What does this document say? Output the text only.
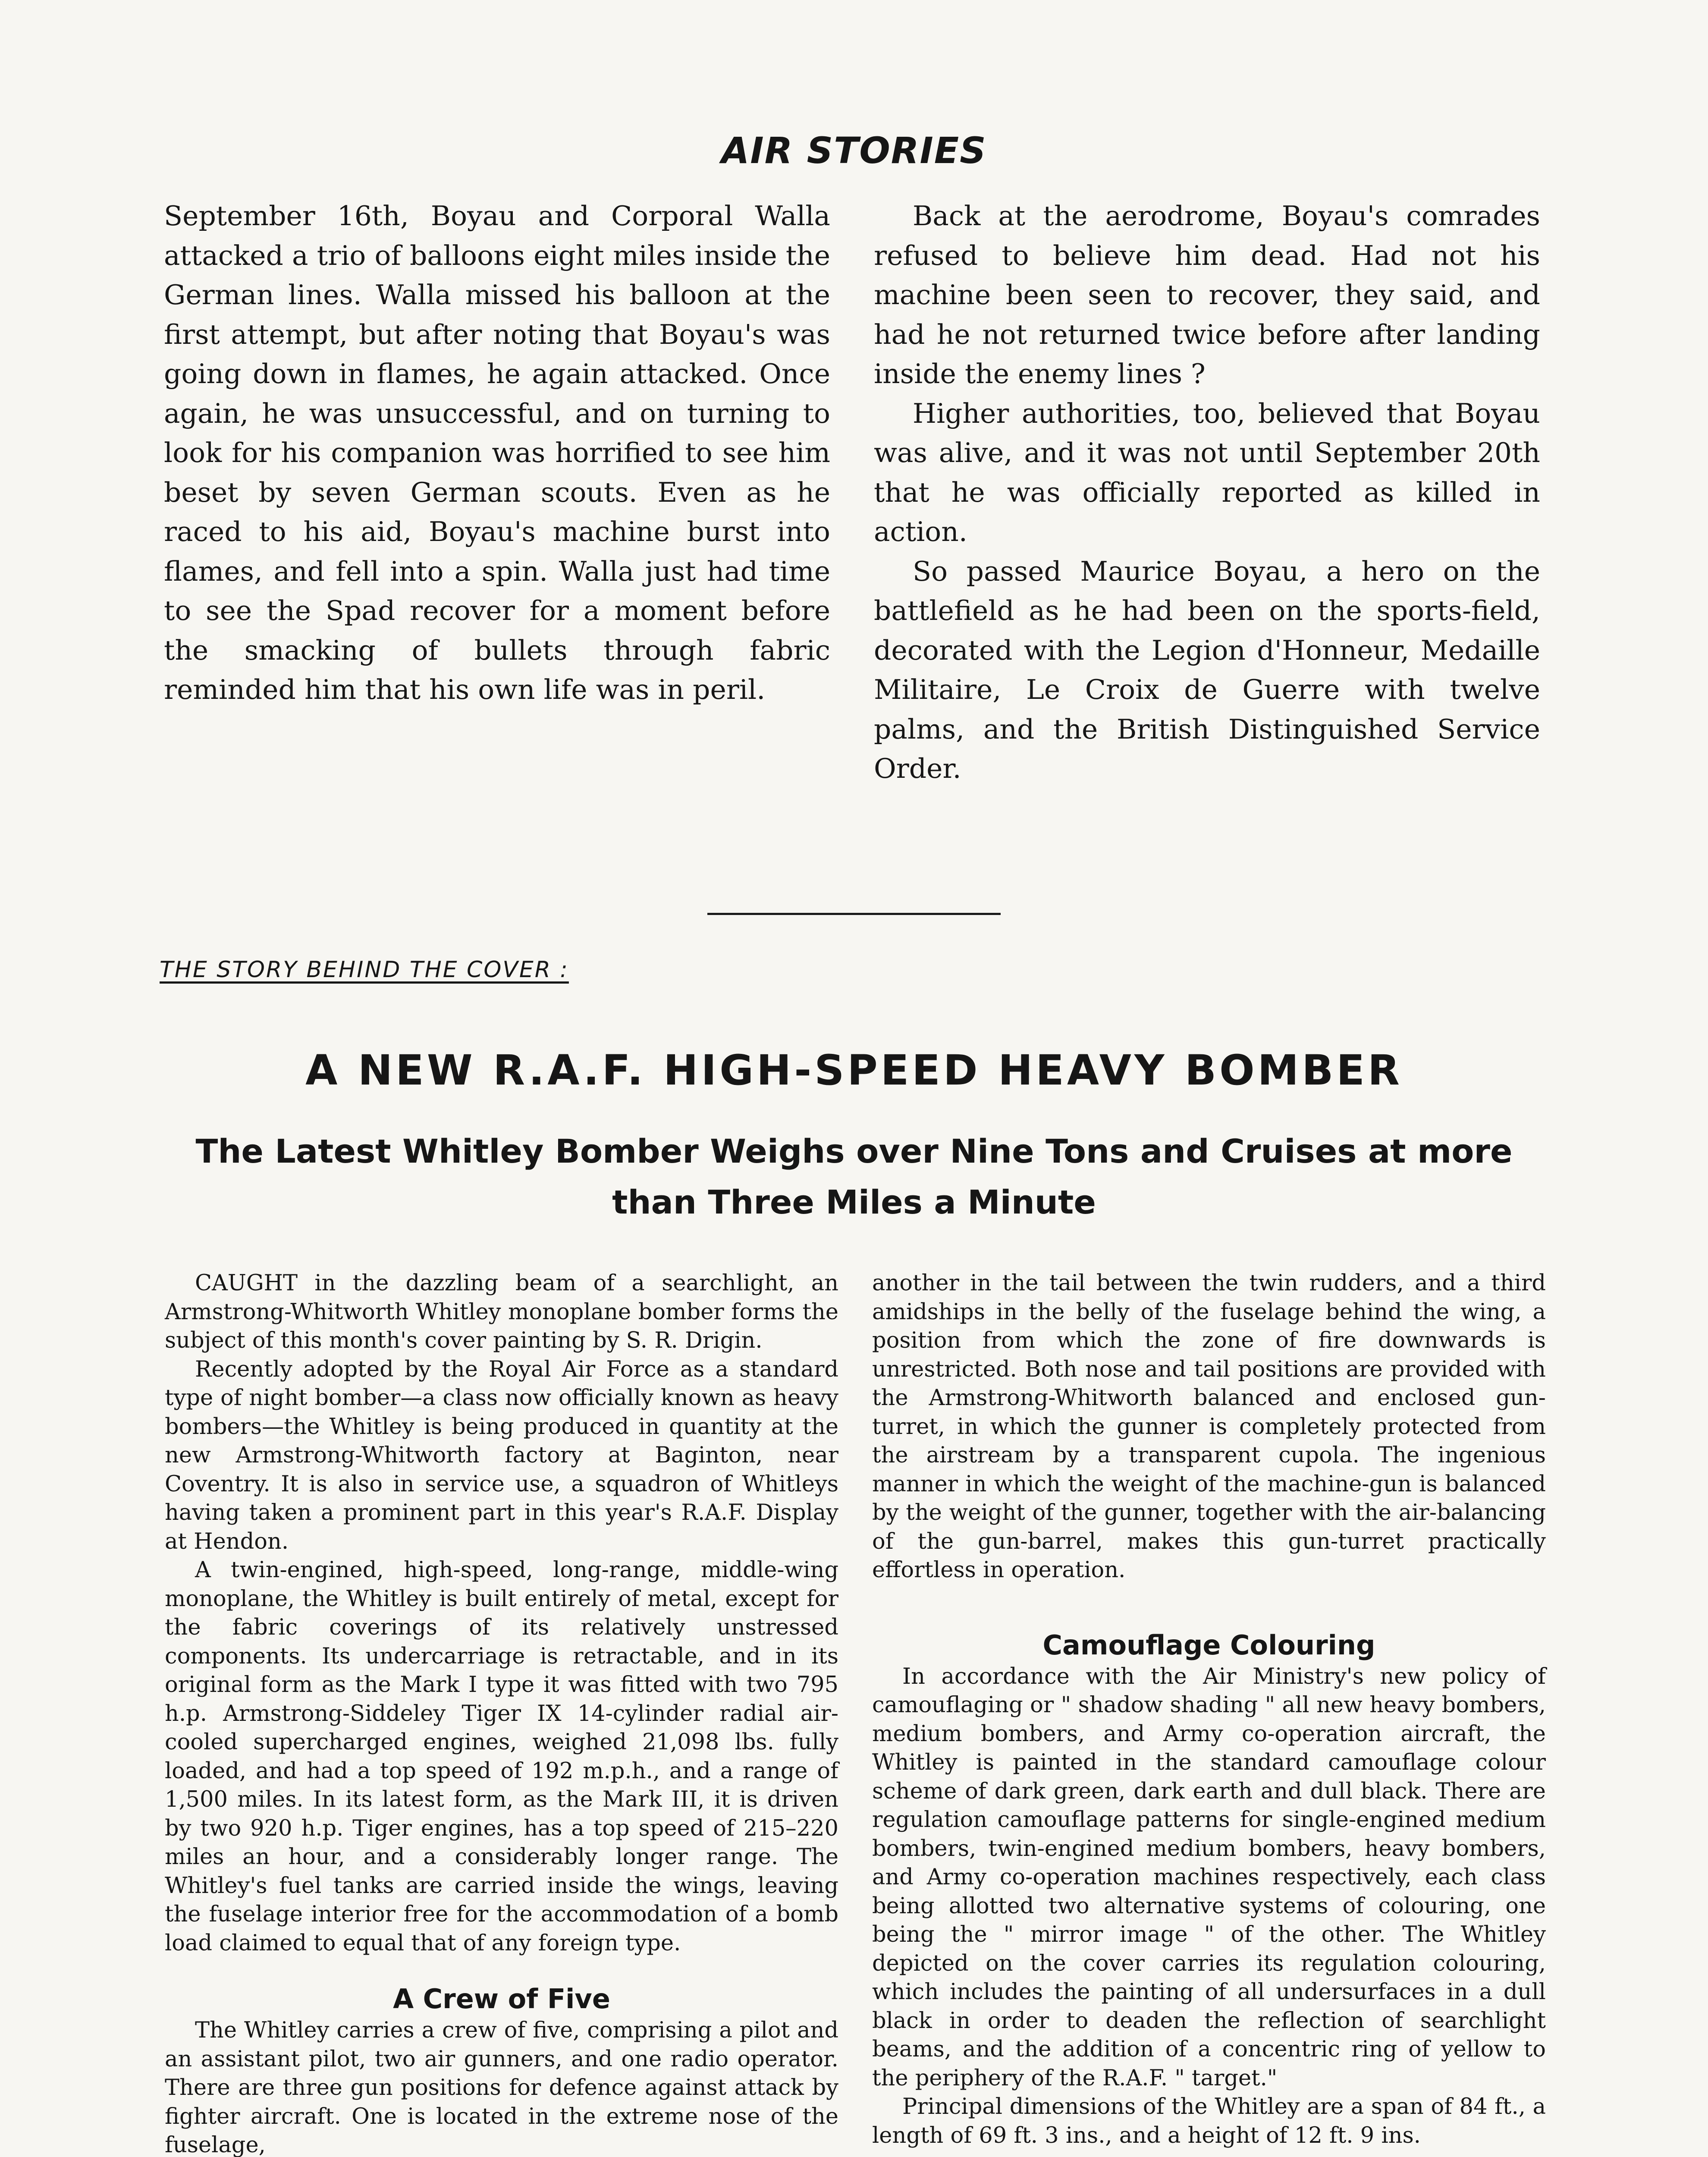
AIR STORIES

September 16th, Boyau and Corporal Walla attacked a trio of balloons eight miles inside the German lines. Walla missed his balloon at the first attempt, but after noting that Boyau's was going down in flames, he again attacked. Once again, he was unsuccessful, and on turning to look for his companion was horrified to see him beset by seven German scouts. Even as he raced to his aid, Boyau's machine burst into flames, and fell into a spin. Walla just had time to see the Spad recover for a moment before the smacking of bullets through fabric reminded him that his own life was in peril.

Back at the aerodrome, Boyau's comrades refused to believe him dead. Had not his machine been seen to recover, they said, and had he not returned twice before after landing inside the enemy lines ?

Higher authorities, too, believed that Boyau was alive, and it was not until September 20th that he was officially reported as killed in action.

So passed Maurice Boyau, a hero on the battlefield as he had been on the sports-field, decorated with the Legion d'Honneur, Medaille Militaire, Le Croix de Guerre with twelve palms, and the British Distinguished Service Order.

THE STORY BEHIND THE COVER :
A NEW R.A.F. HIGH-SPEED HEAVY BOMBER
The Latest Whitley Bomber Weighs over Nine Tons and Cruises at more than Three Miles a Minute

CAUGHT in the dazzling beam of a searchlight, an Armstrong-Whitworth Whitley monoplane bomber forms the subject of this month's cover painting by S. R. Drigin.

Recently adopted by the Royal Air Force as a standard type of night bomber—a class now officially known as heavy bombers—the Whitley is being produced in quantity at the new Armstrong-Whitworth factory at Baginton, near Coventry. It is also in service use, a squadron of Whitleys having taken a prominent part in this year's R.A.F. Display at Hendon.

A twin-engined, high-speed, long-range, middle-wing monoplane, the Whitley is built entirely of metal, except for the fabric coverings of its relatively unstressed components. Its undercarriage is retractable, and in its original form as the Mark I type it was fitted with two 795 h.p. Armstrong-Siddeley Tiger IX 14-cylinder radial air-cooled supercharged engines, weighed 21,098 lbs. fully loaded, and had a top speed of 192 m.p.h., and a range of 1,500 miles. In its latest form, as the Mark III, it is driven by two 920 h.p. Tiger engines, has a top speed of 215–220 miles an hour, and a considerably longer range. The Whitley's fuel tanks are carried inside the wings, leaving the fuselage interior free for the accommodation of a bomb load claimed to equal that of any foreign type.

A Crew of Five

The Whitley carries a crew of five, comprising a pilot and an assistant pilot, two air gunners, and one radio operator. There are three gun positions for defence against attack by fighter aircraft. One is located in the extreme nose of the fuselage,

another in the tail between the twin rudders, and a third amidships in the belly of the fuselage behind the wing, a position from which the zone of fire downwards is unrestricted. Both nose and tail positions are provided with the Armstrong-Whitworth balanced and enclosed gun-turret, in which the gunner is completely protected from the airstream by a transparent cupola. The ingenious manner in which the weight of the machine-gun is balanced by the weight of the gunner, together with the air-balancing of the gun-barrel, makes this gun-turret practically effortless in operation.

Camouflage Colouring

In accordance with the Air Ministry's new policy of camouflaging or " shadow shading " all new heavy bombers, medium bombers, and Army co-operation aircraft, the Whitley is painted in the standard camouflage colour scheme of dark green, dark earth and dull black. There are regulation camouflage patterns for single-engined medium bombers, twin-engined medium bombers, heavy bombers, and Army co-operation machines respectively, each class being allotted two alternative systems of colouring, one being the " mirror image " of the other. The Whitley depicted on the cover carries its regulation colouring, which includes the painting of all undersurfaces in a dull black in order to deaden the reflection of searchlight beams, and the addition of a concentric ring of yellow to the periphery of the R.A.F. " target."

Principal dimensions of the Whitley are a span of 84 ft., a length of 69 ft. 3 ins., and a height of 12 ft. 9 ins.
